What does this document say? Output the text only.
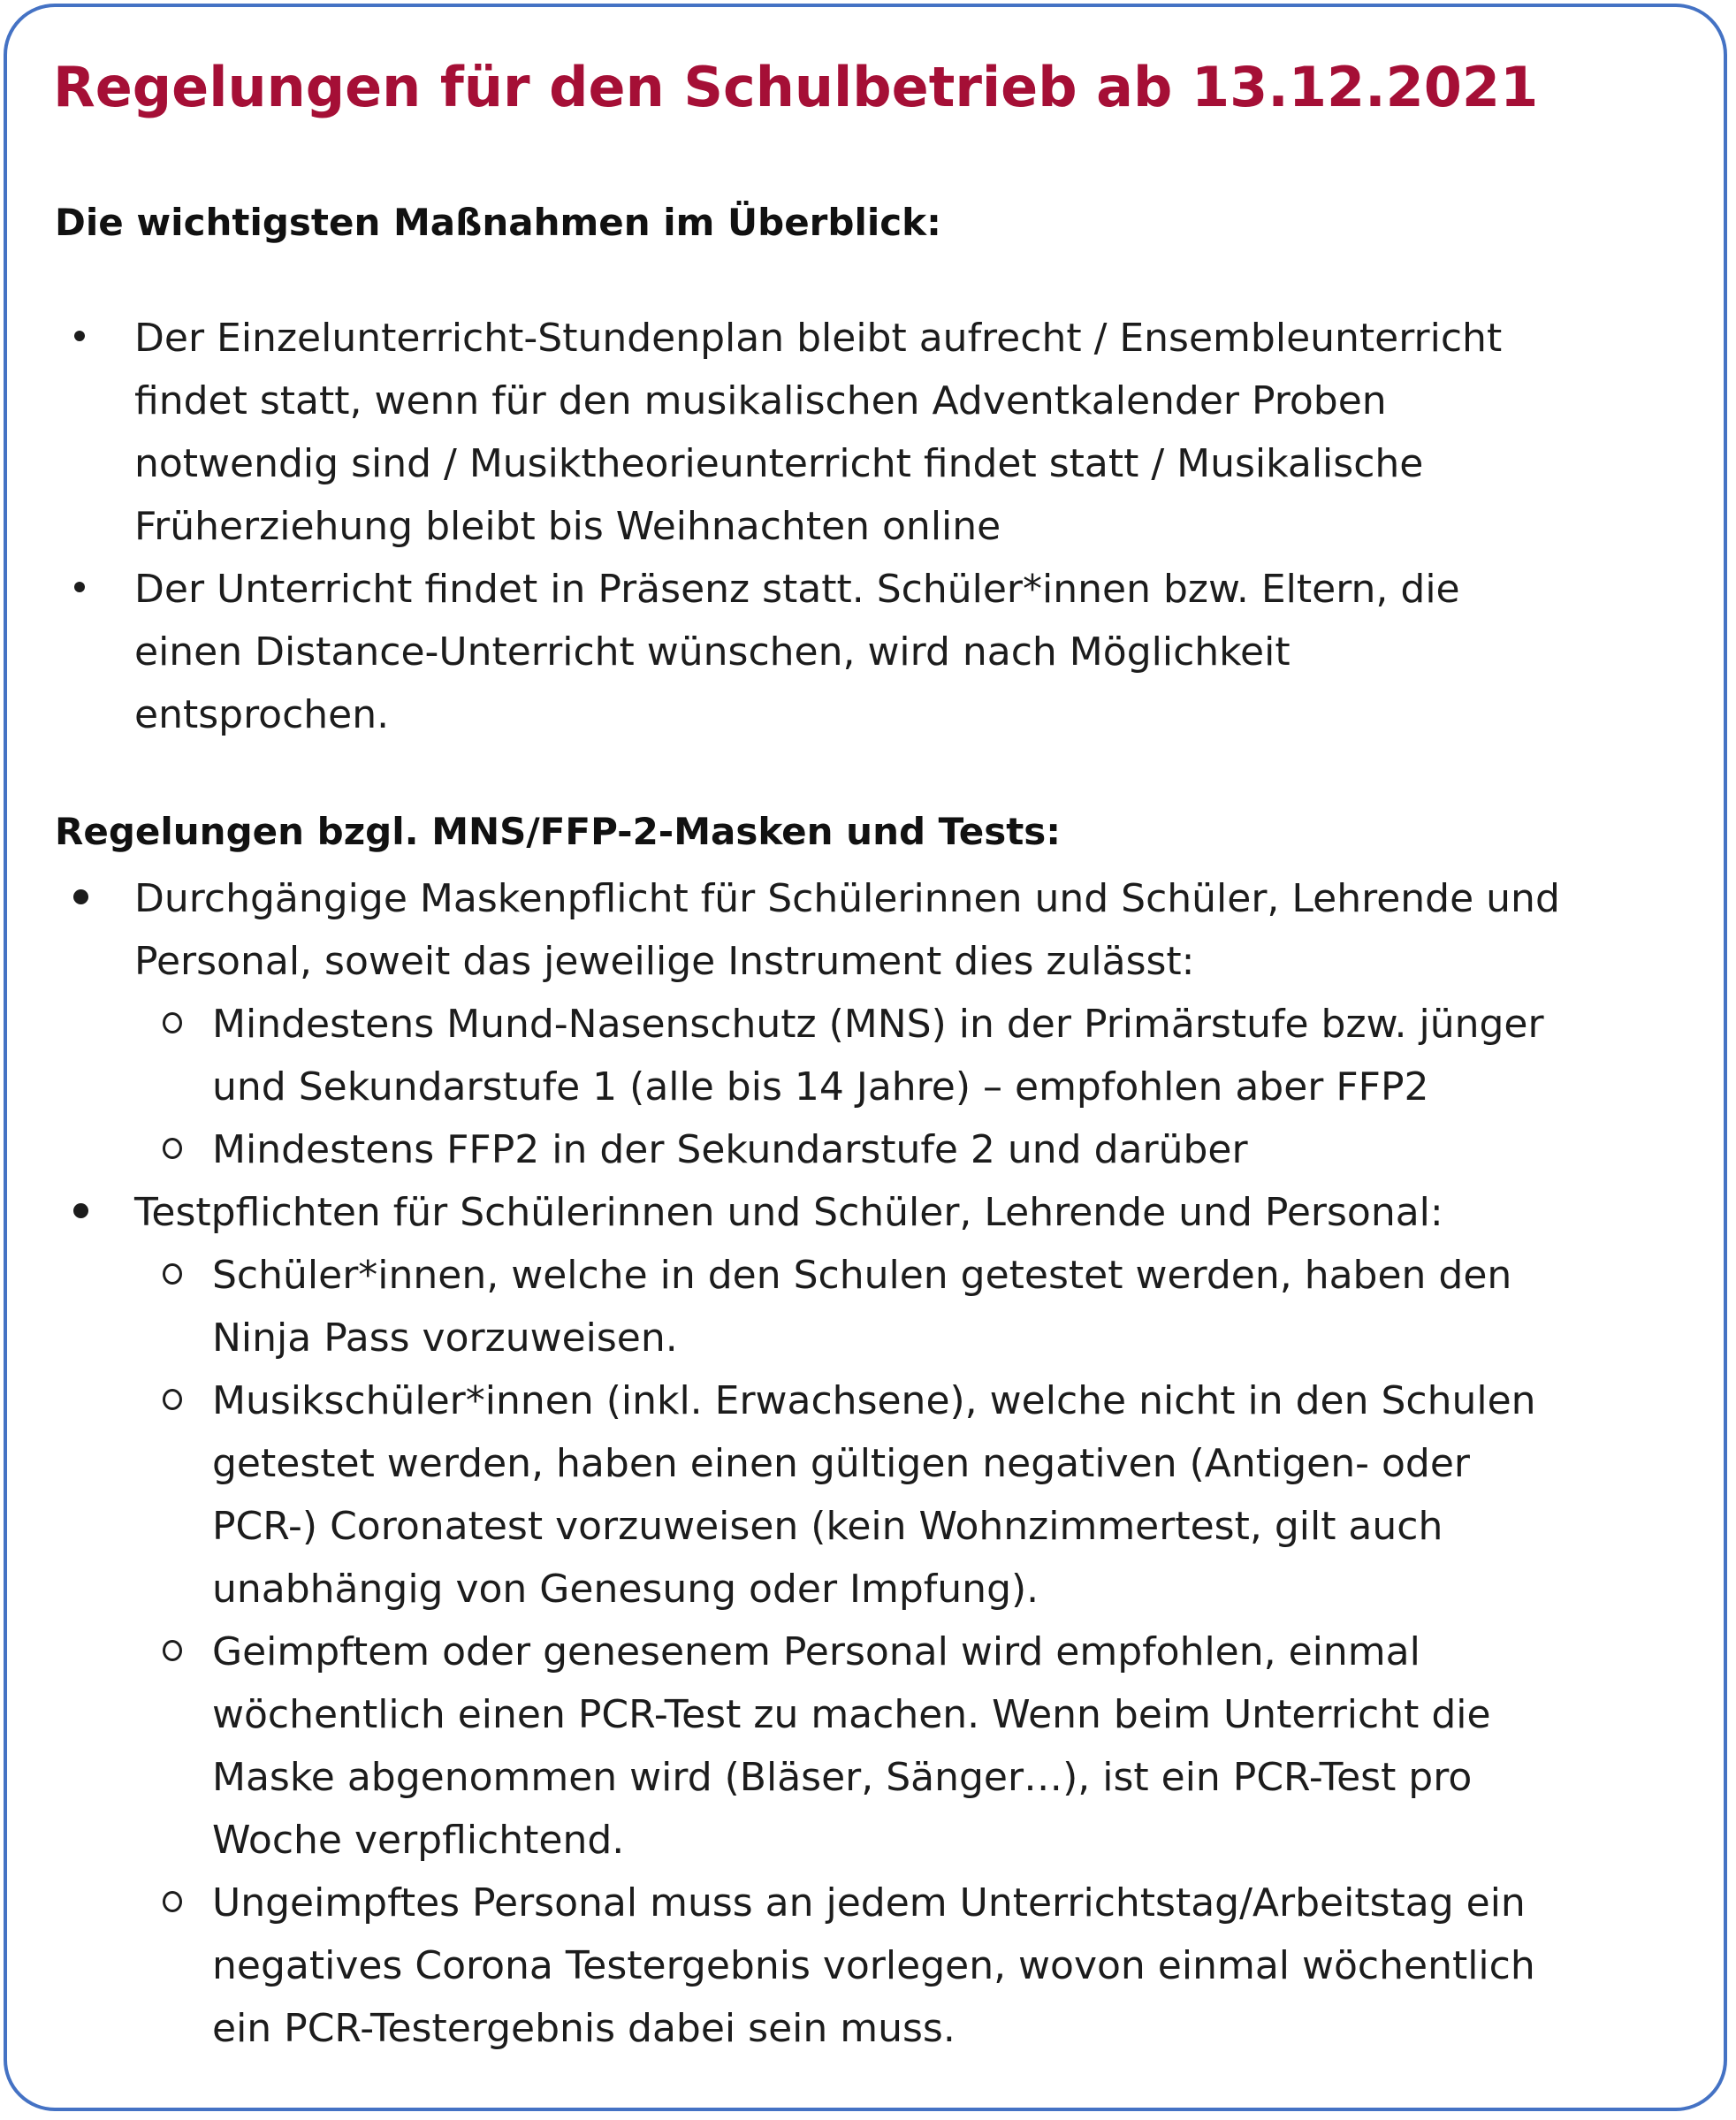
Regelungen für den Schulbetrieb ab 13.12.2021
Die wichtigsten Maßnahmen im Überblick:
Der Einzelunterricht-Stundenplan bleibt aufrecht / Ensembleunterricht
findet statt, wenn für den musikalischen Adventkalender Proben
notwendig sind / Musiktheorieunterricht findet statt / Musikalische
Früherziehung bleibt bis Weihnachten online
Der Unterricht findet in Präsenz statt. Schüler*innen bzw. Eltern, die
einen Distance-Unterricht wünschen, wird nach Möglichkeit
entsprochen.
Regelungen bzgl. MNS/FFP-2-Masken und Tests:
Durchgängige Maskenpflicht für Schülerinnen und Schüler, Lehrende und
Personal, soweit das jeweilige Instrument dies zulässt:
Mindestens Mund-Nasenschutz (MNS) in der Primärstufe bzw. jünger
und Sekundarstufe 1 (alle bis 14 Jahre) – empfohlen aber FFP2
Mindestens FFP2 in der Sekundarstufe 2 und darüber
Testpflichten für Schülerinnen und Schüler, Lehrende und Personal:
Schüler*innen, welche in den Schulen getestet werden, haben den
Ninja Pass vorzuweisen.
Musikschüler*innen (inkl. Erwachsene), welche nicht in den Schulen
getestet werden, haben einen gültigen negativen (Antigen- oder
PCR-) Coronatest vorzuweisen (kein Wohnzimmertest, gilt auch
unabhängig von Genesung oder Impfung).
Geimpftem oder genesenem Personal wird empfohlen, einmal
wöchentlich einen PCR-Test zu machen. Wenn beim Unterricht die
Maske abgenommen wird (Bläser, Sänger…), ist ein PCR-Test pro
Woche verpflichtend.
Ungeimpftes Personal muss an jedem Unterrichtstag/Arbeitstag ein
negatives Corona Testergebnis vorlegen, wovon einmal wöchentlich
ein PCR-Testergebnis dabei sein muss.
